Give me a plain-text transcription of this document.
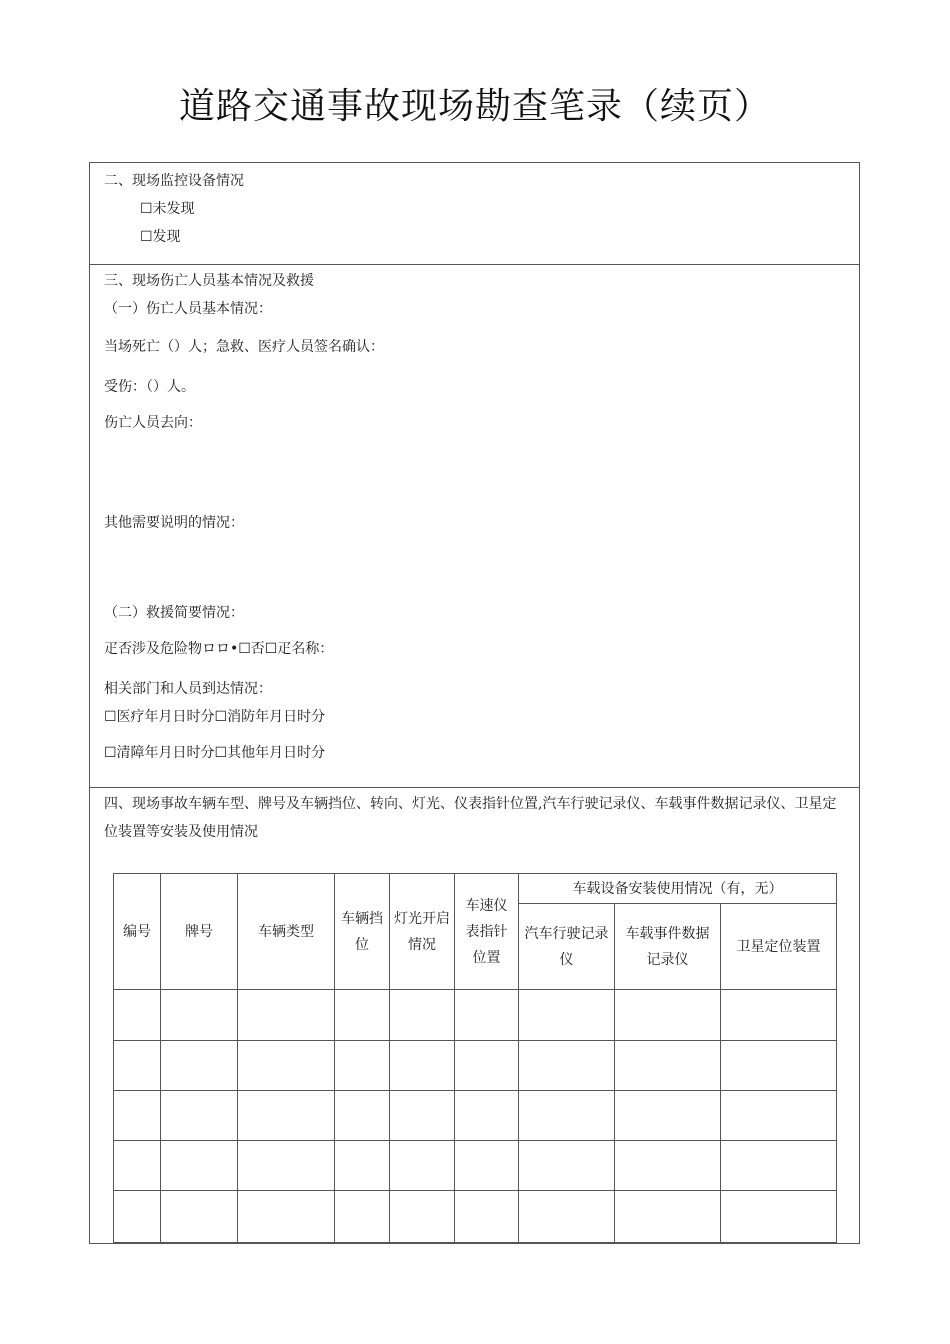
道路交通事故现场勘查笔录（续页）
二、现场监控设备情况
☐未发现
☐发现
三、现场伤亡人员基本情况及救援
（一）伤亡人员基本情况：
当场死亡（）人；急救、医疗人员签名确认：
受伤：（）人。
伤亡人员去向：
其他需要说明的情况：
（二）救援简要情况：
疋否涉及危险物ロロ•☐否☐疋名称：
相关部门和人员到达情况：
☐医疗年月日时分☐消防年月日时分
☐清障年月日时分☐其他年月日时分
四、现场事故车辆车型、牌号及车辆挡位、转向、灯光、仪表指针位置,汽车行驶记录仪、车载事件数据记录仪、卫星定位装置等安装及使用情况
编号	牌号	车辆类型	车辆挡位	灯光开启情况	车速仪表指针位置	车载设备安装使用情况（有，无）		
						汽车行驶记录仪	车载事件数据记录仪	卫星定位装置
